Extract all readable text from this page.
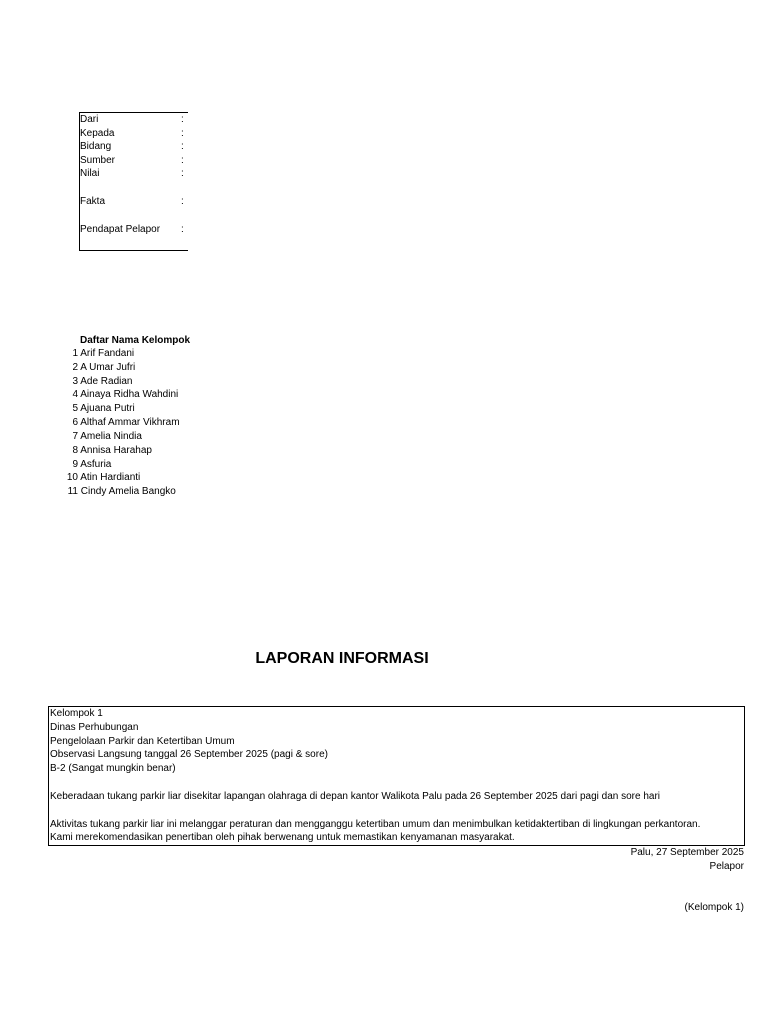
Dari	:
Kepada	:
Bidang	:
Sumber	:
Nilai	:
Fakta	:
Pendapat Pelapor :
Daftar Nama Kelompok
1 Arif Fandani
2 A Umar Jufri
3 Ade Radian
4 Ainaya Ridha Wahdini
5 Ajuana Putri
6 Althaf Ammar Vikhram
7 Amelia Nindia
8 Annisa Harahap
9 Asfuria
10 Atin Hardianti
11 Cindy Amelia Bangko
LAPORAN INFORMASI
Kelompok 1
Dinas Perhubungan
Pengelolaan Parkir dan Ketertiban Umum
Observasi Langsung tanggal 26 September 2025 (pagi & sore)
B-2 (Sangat mungkin benar)
Keberadaan tukang parkir liar disekitar lapangan olahraga di depan kantor Walikota Palu pada 26 September 2025 dari pagi dan sore hari
Aktivitas tukang parkir liar ini melanggar peraturan dan mengganggu ketertiban umum dan menimbulkan ketidaktertiban di lingkungan perkantoran.
Kami merekomendasikan penertiban oleh pihak berwenang untuk memastikan kenyamanan masyarakat.
Palu, 27 September 2025
Pelapor
(Kelompok 1)
